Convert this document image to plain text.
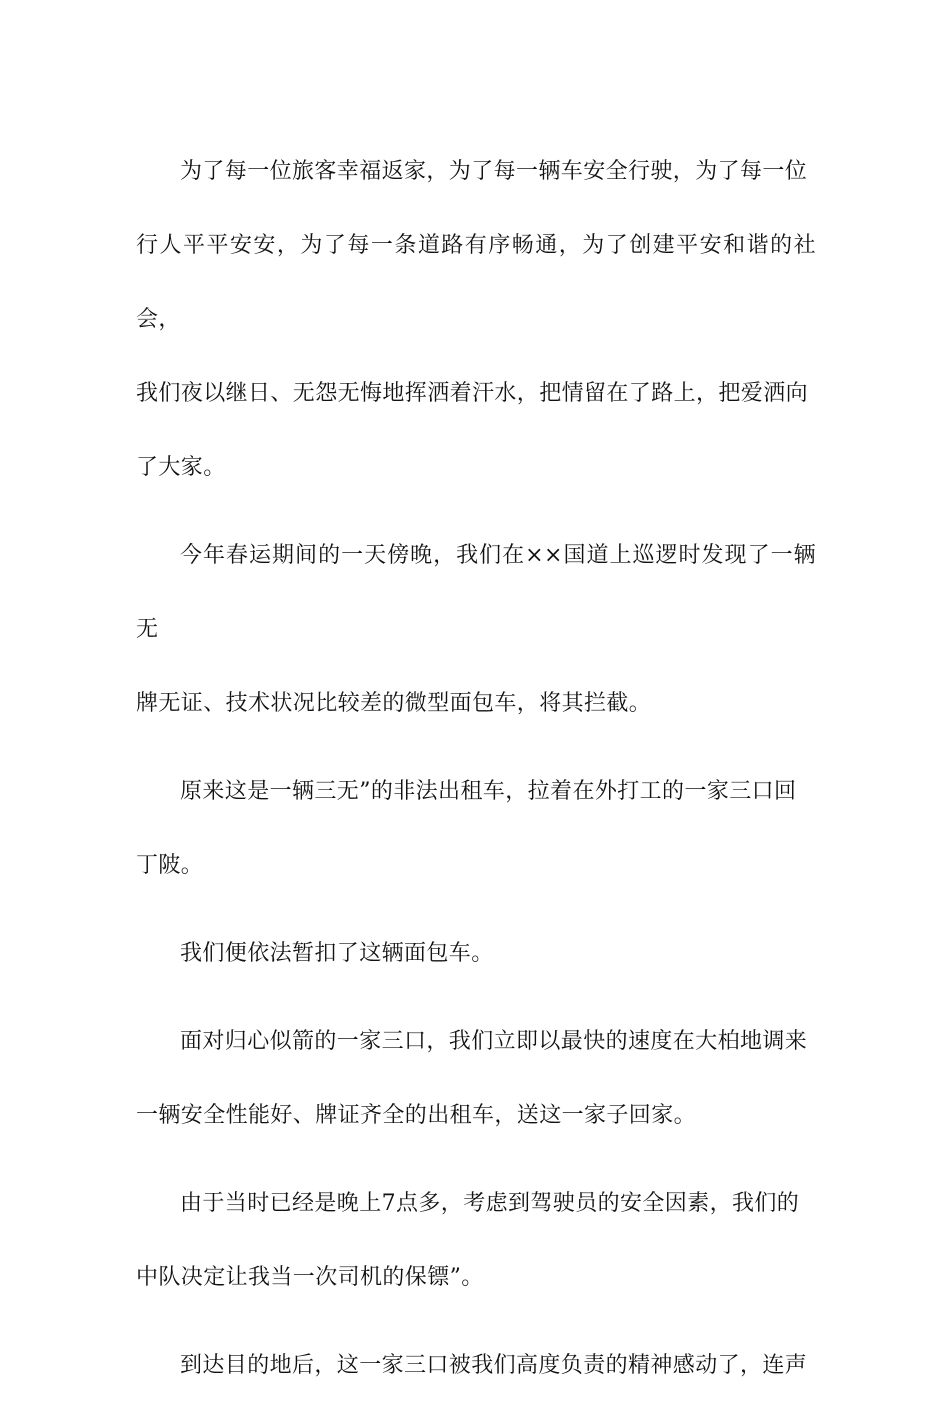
为了每一位旅客幸福返家，为了每一辆车安全行驶，为了每一位
行人平平安安，为了每一条道路有序畅通，为了创建平安和谐的社会，
我们夜以继日、无怨无悔地挥洒着汗水，把情留在了路上，把爱洒向
了大家。

今年春运期间的一天傍晚，我们在××国道上巡逻时发现了一辆无
牌无证、技术状况比较差的微型面包车，将其拦截。

原来这是一辆三无”的非法出租车，拉着在外打工的一家三口回
丁陂。

我们便依法暂扣了这辆面包车。

面对归心似箭的一家三口，我们立即以最快的速度在大柏地调来
一辆安全性能好、牌证齐全的出租车，送这一家子回家。

由于当时已经是晚上7点多，考虑到驾驶员的安全因素，我们的
中队决定让我当一次司机的保镖”。

到达目的地后，这一家三口被我们高度负责的精神感动了，连声
